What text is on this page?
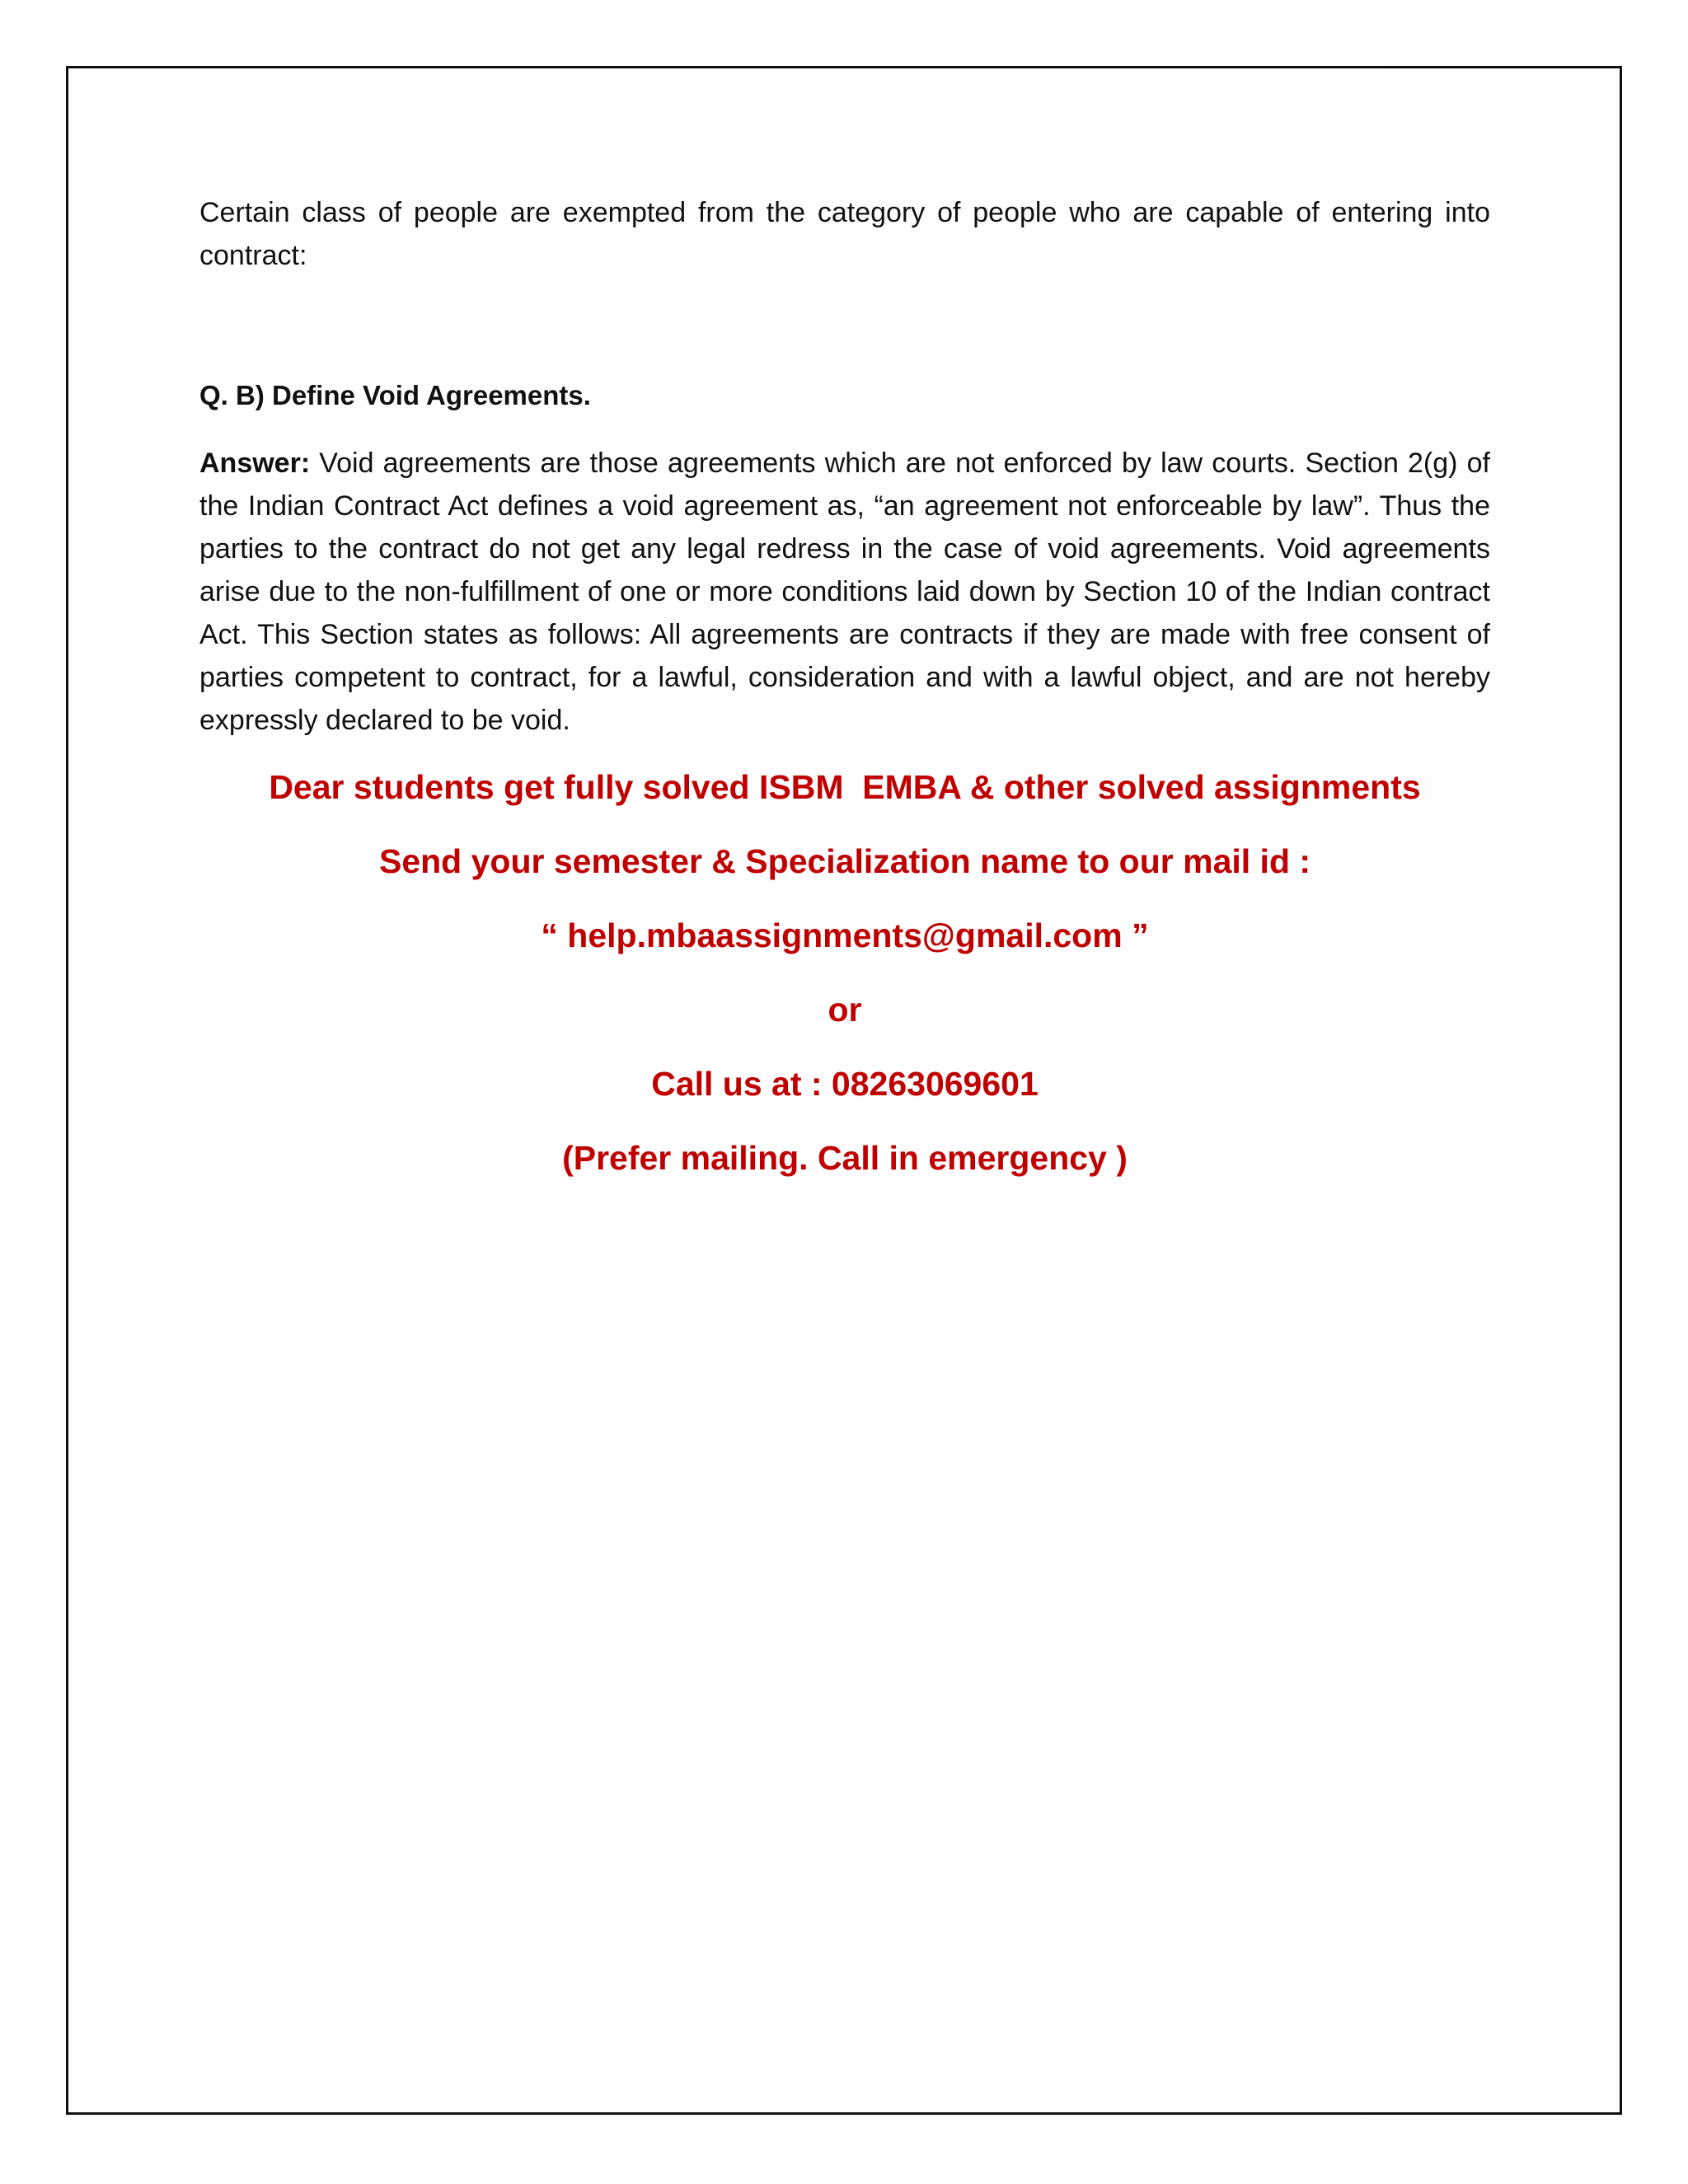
Certain class of people are exempted from the category of people who are capable of entering into contract:

Q. B) Define Void Agreements.

Answer: Void agreements are those agreements which are not enforced by law courts. Section 2(g) of the Indian Contract Act defines a void agreement as, “an agreement not enforceable by law”. Thus the parties to the contract do not get any legal redress in the case of void agreements. Void agreements arise due to the non-fulfillment of one or more conditions laid down by Section 10 of the Indian contract Act. This Section states as follows: All agreements are contracts if they are made with free consent of parties competent to contract, for a lawful, consideration and with a lawful object, and are not hereby expressly declared to be void.

Dear students get fully solved ISBM  EMBA & other solved assignments
Send your semester & Specialization name to our mail id :
“ help.mbaassignments@gmail.com ”
or
Call us at : 08263069601
(Prefer mailing. Call in emergency )
